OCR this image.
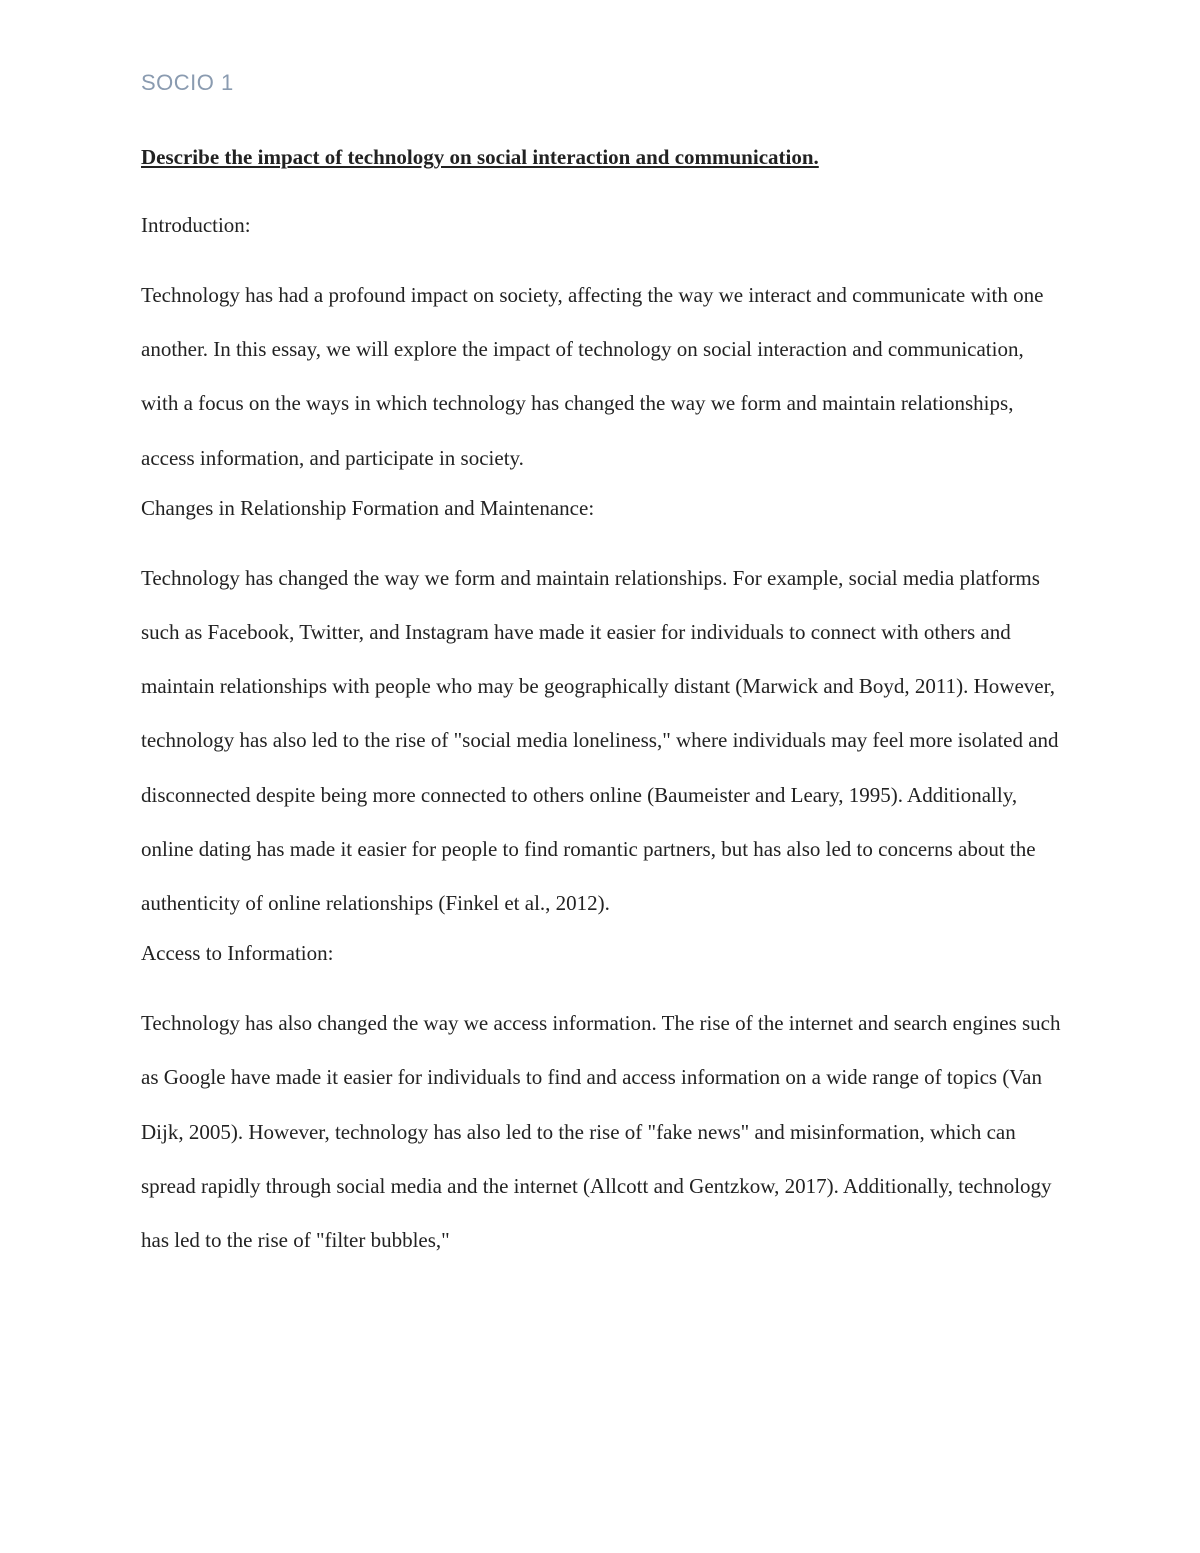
SOCIO 1
Describe the impact of technology on social interaction and communication.
Introduction:
Technology has had a profound impact on society, affecting the way we interact and communicate with one another. In this essay, we will explore the impact of technology on social interaction and communication, with a focus on the ways in which technology has changed the way we form and maintain relationships, access information, and participate in society.
Changes in Relationship Formation and Maintenance:
Technology has changed the way we form and maintain relationships. For example, social media platforms such as Facebook, Twitter, and Instagram have made it easier for individuals to connect with others and maintain relationships with people who may be geographically distant (Marwick and Boyd, 2011). However, technology has also led to the rise of "social media loneliness," where individuals may feel more isolated and disconnected despite being more connected to others online (Baumeister and Leary, 1995). Additionally, online dating has made it easier for people to find romantic partners, but has also led to concerns about the authenticity of online relationships (Finkel et al., 2012).
Access to Information:
Technology has also changed the way we access information. The rise of the internet and search engines such as Google have made it easier for individuals to find and access information on a wide range of topics (Van Dijk, 2005). However, technology has also led to the rise of "fake news" and misinformation, which can spread rapidly through social media and the internet (Allcott and Gentzkow, 2017). Additionally, technology has led to the rise of "filter bubbles,"
